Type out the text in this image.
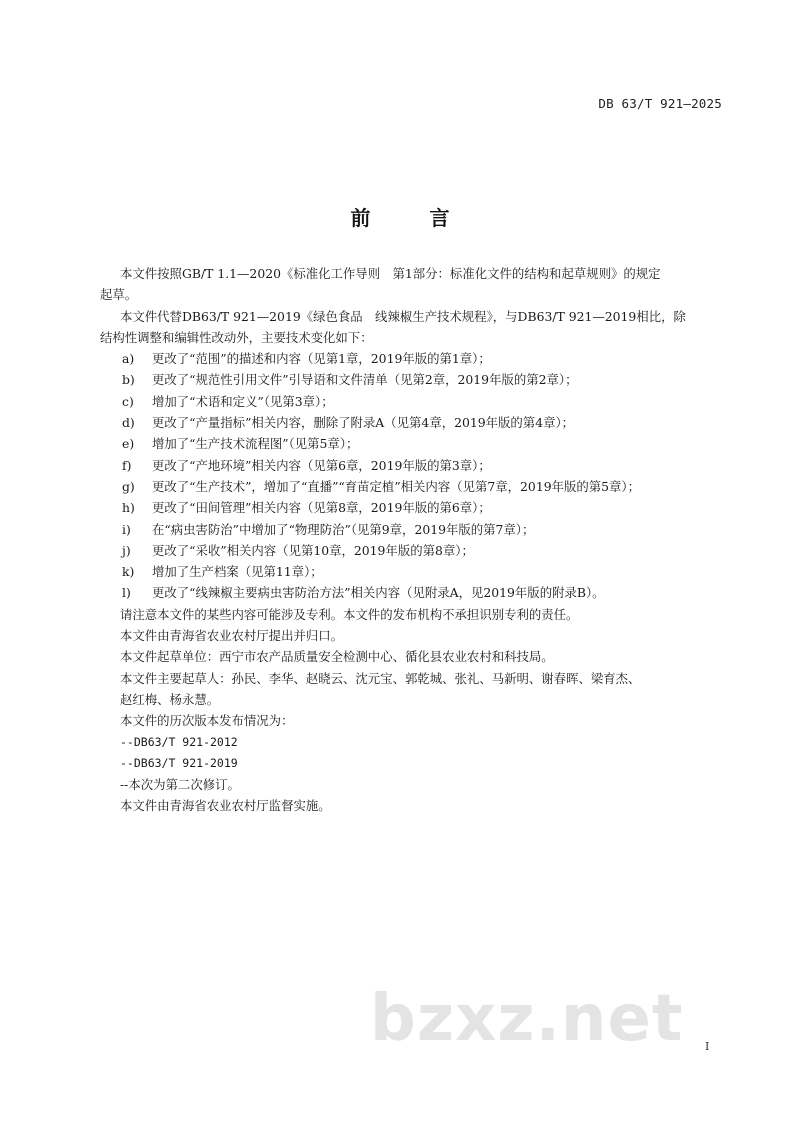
DB 63/T 921—2025
前 言
本文件按照GB/T 1.1—2020《标准化工作导则　第1部分：标准化文件的结构和起草规则》的规定
起草。
本文件代替DB63/T 921—2019《绿色食品　线辣椒生产技术规程》，与DB63/T 921—2019相比，除
结构性调整和编辑性改动外，主要技术变化如下：
a) 更改了“范围”的描述和内容（见第1章，2019年版的第1章）；
b) 更改了“规范性引用文件”引导语和文件清单（见第2章，2019年版的第2章）；
c) 增加了“术语和定义”（见第3章）；
d) 更改了“产量指标”相关内容，删除了附录A（见第4章，2019年版的第4章）；
e) 增加了“生产技术流程图”（见第5章）；
f) 更改了“产地环境”相关内容（见第6章，2019年版的第3章）；
g) 更改了“生产技术”，增加了“直播”“育苗定植”相关内容（见第7章，2019年版的第5章）；
h) 更改了“田间管理”相关内容（见第8章，2019年版的第6章）；
i) 在“病虫害防治”中增加了“物理防治”（见第9章，2019年版的第7章）；
j) 更改了“采收”相关内容（见第10章，2019年版的第8章）；
k) 增加了生产档案（见第11章）；
l) 更改了“线辣椒主要病虫害防治方法”相关内容（见附录A，见2019年版的附录B）。
请注意本文件的某些内容可能涉及专利。本文件的发布机构不承担识别专利的责任。
本文件由青海省农业农村厅提出并归口。
本文件起草单位：西宁市农产品质量安全检测中心、循化县农业农村和科技局。
本文件主要起草人：孙民、李华、赵晓云、沈元宝、郭乾城、张礼、马新明、谢春晖、梁育杰、
赵红梅、杨永慧。
本文件的历次版本发布情况为：
--DB63/T 921-2012
--DB63/T 921-2019
--本次为第二次修订。
本文件由青海省农业农村厅监督实施。
bzxz.net I
